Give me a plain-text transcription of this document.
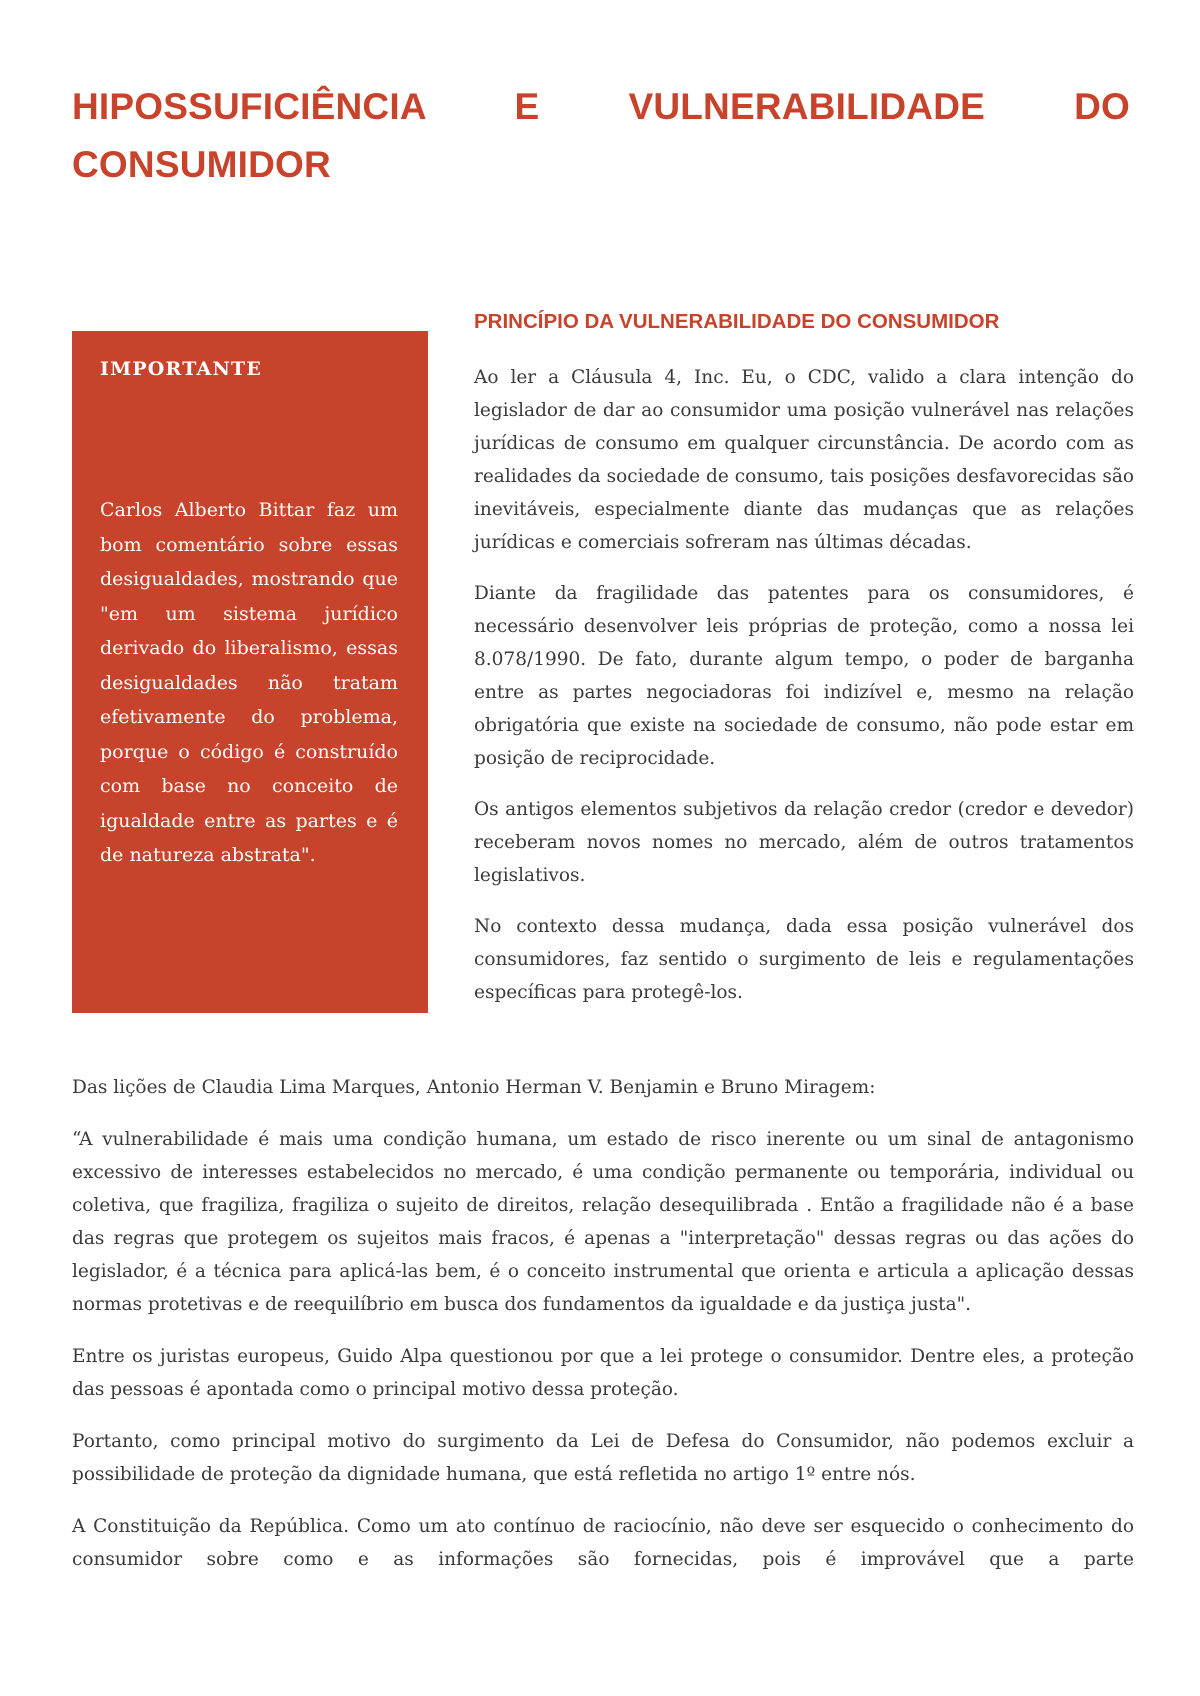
HIPOSSUFICIÊNCIA E VULNERABILIDADE DO CONSUMIDOR
IMPORTANTE

Carlos Alberto Bittar faz um bom comentário sobre essas desigualdades, mostrando que "em um sistema jurídico derivado do liberalismo, essas desigualdades não tratam efetivamente do problema, porque o código é construído com base no conceito de igualdade entre as partes e é de natureza abstrata".

PRINCÍPIO DA VULNERABILIDADE DO CONSUMIDOR

Ao ler a Cláusula 4, Inc. Eu, o CDC, valido a clara intenção do legislador de dar ao consumidor uma posição vulnerável nas relações jurídicas de consumo em qualquer circunstância. De acordo com as realidades da sociedade de consumo, tais posições desfavorecidas são inevitáveis, especialmente diante das mudanças que as relações jurídicas e comerciais sofreram nas últimas décadas.

Diante da fragilidade das patentes para os consumidores, é necessário desenvolver leis próprias de proteção, como a nossa lei 8.078/1990. De fato, durante algum tempo, o poder de barganha entre as partes negociadoras foi indizível e, mesmo na relação obrigatória que existe na sociedade de consumo, não pode estar em posição de reciprocidade.

Os antigos elementos subjetivos da relação credor (credor e devedor) receberam novos nomes no mercado, além de outros tratamentos legislativos.

No contexto dessa mudança, dada essa posição vulnerável dos consumidores, faz sentido o surgimento de leis e regulamentações específicas para protegê-los.

Das lições de Claudia Lima Marques, Antonio Herman V. Benjamin e Bruno Miragem:

“A vulnerabilidade é mais uma condição humana, um estado de risco inerente ou um sinal de antagonismo excessivo de interesses estabelecidos no mercado, é uma condição permanente ou temporária, individual ou coletiva, que fragiliza, fragiliza o sujeito de direitos, relação desequilibrada . Então a fragilidade não é a base das regras que protegem os sujeitos mais fracos, é apenas a "interpretação" dessas regras ou das ações do legislador, é a técnica para aplicá-las bem, é o conceito instrumental que orienta e articula a aplicação dessas normas protetivas e de reequilíbrio em busca dos fundamentos da igualdade e da justiça justa".

Entre os juristas europeus, Guido Alpa questionou por que a lei protege o consumidor. Dentre eles, a proteção das pessoas é apontada como o principal motivo dessa proteção.

Portanto, como principal motivo do surgimento da Lei de Defesa do Consumidor, não podemos excluir a possibilidade de proteção da dignidade humana, que está refletida no artigo 1º entre nós.

A Constituição da República. Como um ato contínuo de raciocínio, não deve ser esquecido o conhecimento do consumidor sobre como e as informações são fornecidas, pois é improvável que a parte
